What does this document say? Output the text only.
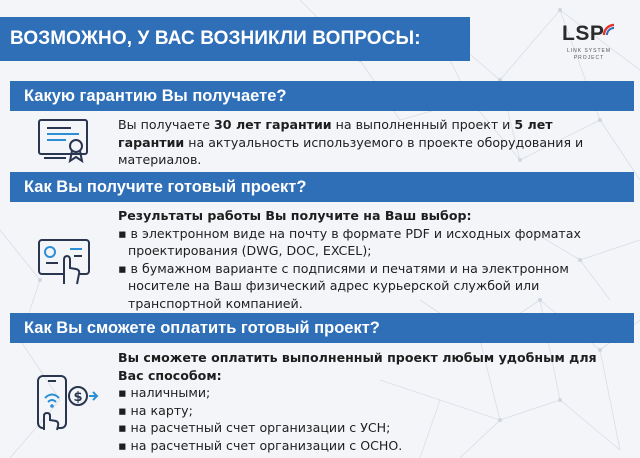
ВОЗМОЖНО, У ВАС ВОЗНИКЛИ ВОПРОСЫ:	LSP
LINK SYSTEM
PROJECT
Какую гарантию Вы получаете?
Вы получаете 30 лет гарантии на выполненный проект и 5 лет гарантии на актуальность используемого в проекте оборудования и материалов.
Как Вы получите готовый проект?
Результаты работы Вы получите на Ваш выбор:
▪ в электронном виде на почту в формате PDF и исходных форматах проектирования (DWG, DOC, EXCEL);
▪ в бумажном варианте с подписями и печатями и на электронном носителе на Ваш физический адрес курьерской службой или транспортной компанией.
Как Вы сможете оплатить готовый проект?
$
Вы сможете оплатить выполненный проект любым удобным для Вас способом:
▪ наличными;
▪ на карту;
▪ на расчетный счет организации с УСН;
▪ на расчетный счет организации с ОСНО.
